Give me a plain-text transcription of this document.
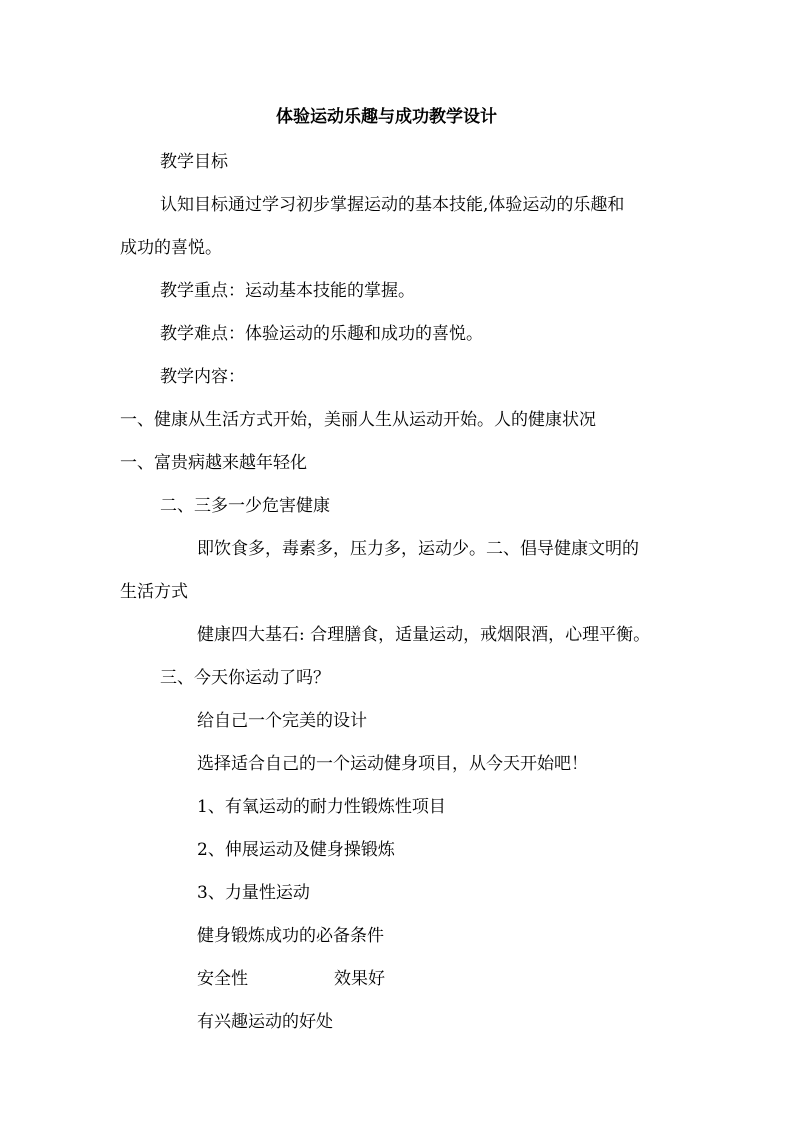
体验运动乐趣与成功教学设计
教学目标
认知目标通过学习初步掌握运动的基本技能,体验运动的乐趣和
成功的喜悦。
教学重点：运动基本技能的掌握。
教学难点：体验运动的乐趣和成功的喜悦。
教学内容：
一、健康从生活方式开始，美丽人生从运动开始。人的健康状况
一、富贵病越来越年轻化
二、三多一少危害健康
即饮食多，毒素多，压力多，运动少。二、倡导健康文明的
生活方式
健康四大基石: 合理膳食，适量运动，戒烟限酒，心理平衡。
三、今天你运动了吗？
给自己一个完美的设计
选择适合自己的一个运动健身项目，从今天开始吧！
1、有氧运动的耐力性锻炼性项目
2、伸展运动及健身操锻炼
3、力量性运动
健身锻炼成功的必备条件
安全性	效果好
有兴趣运动的好处
